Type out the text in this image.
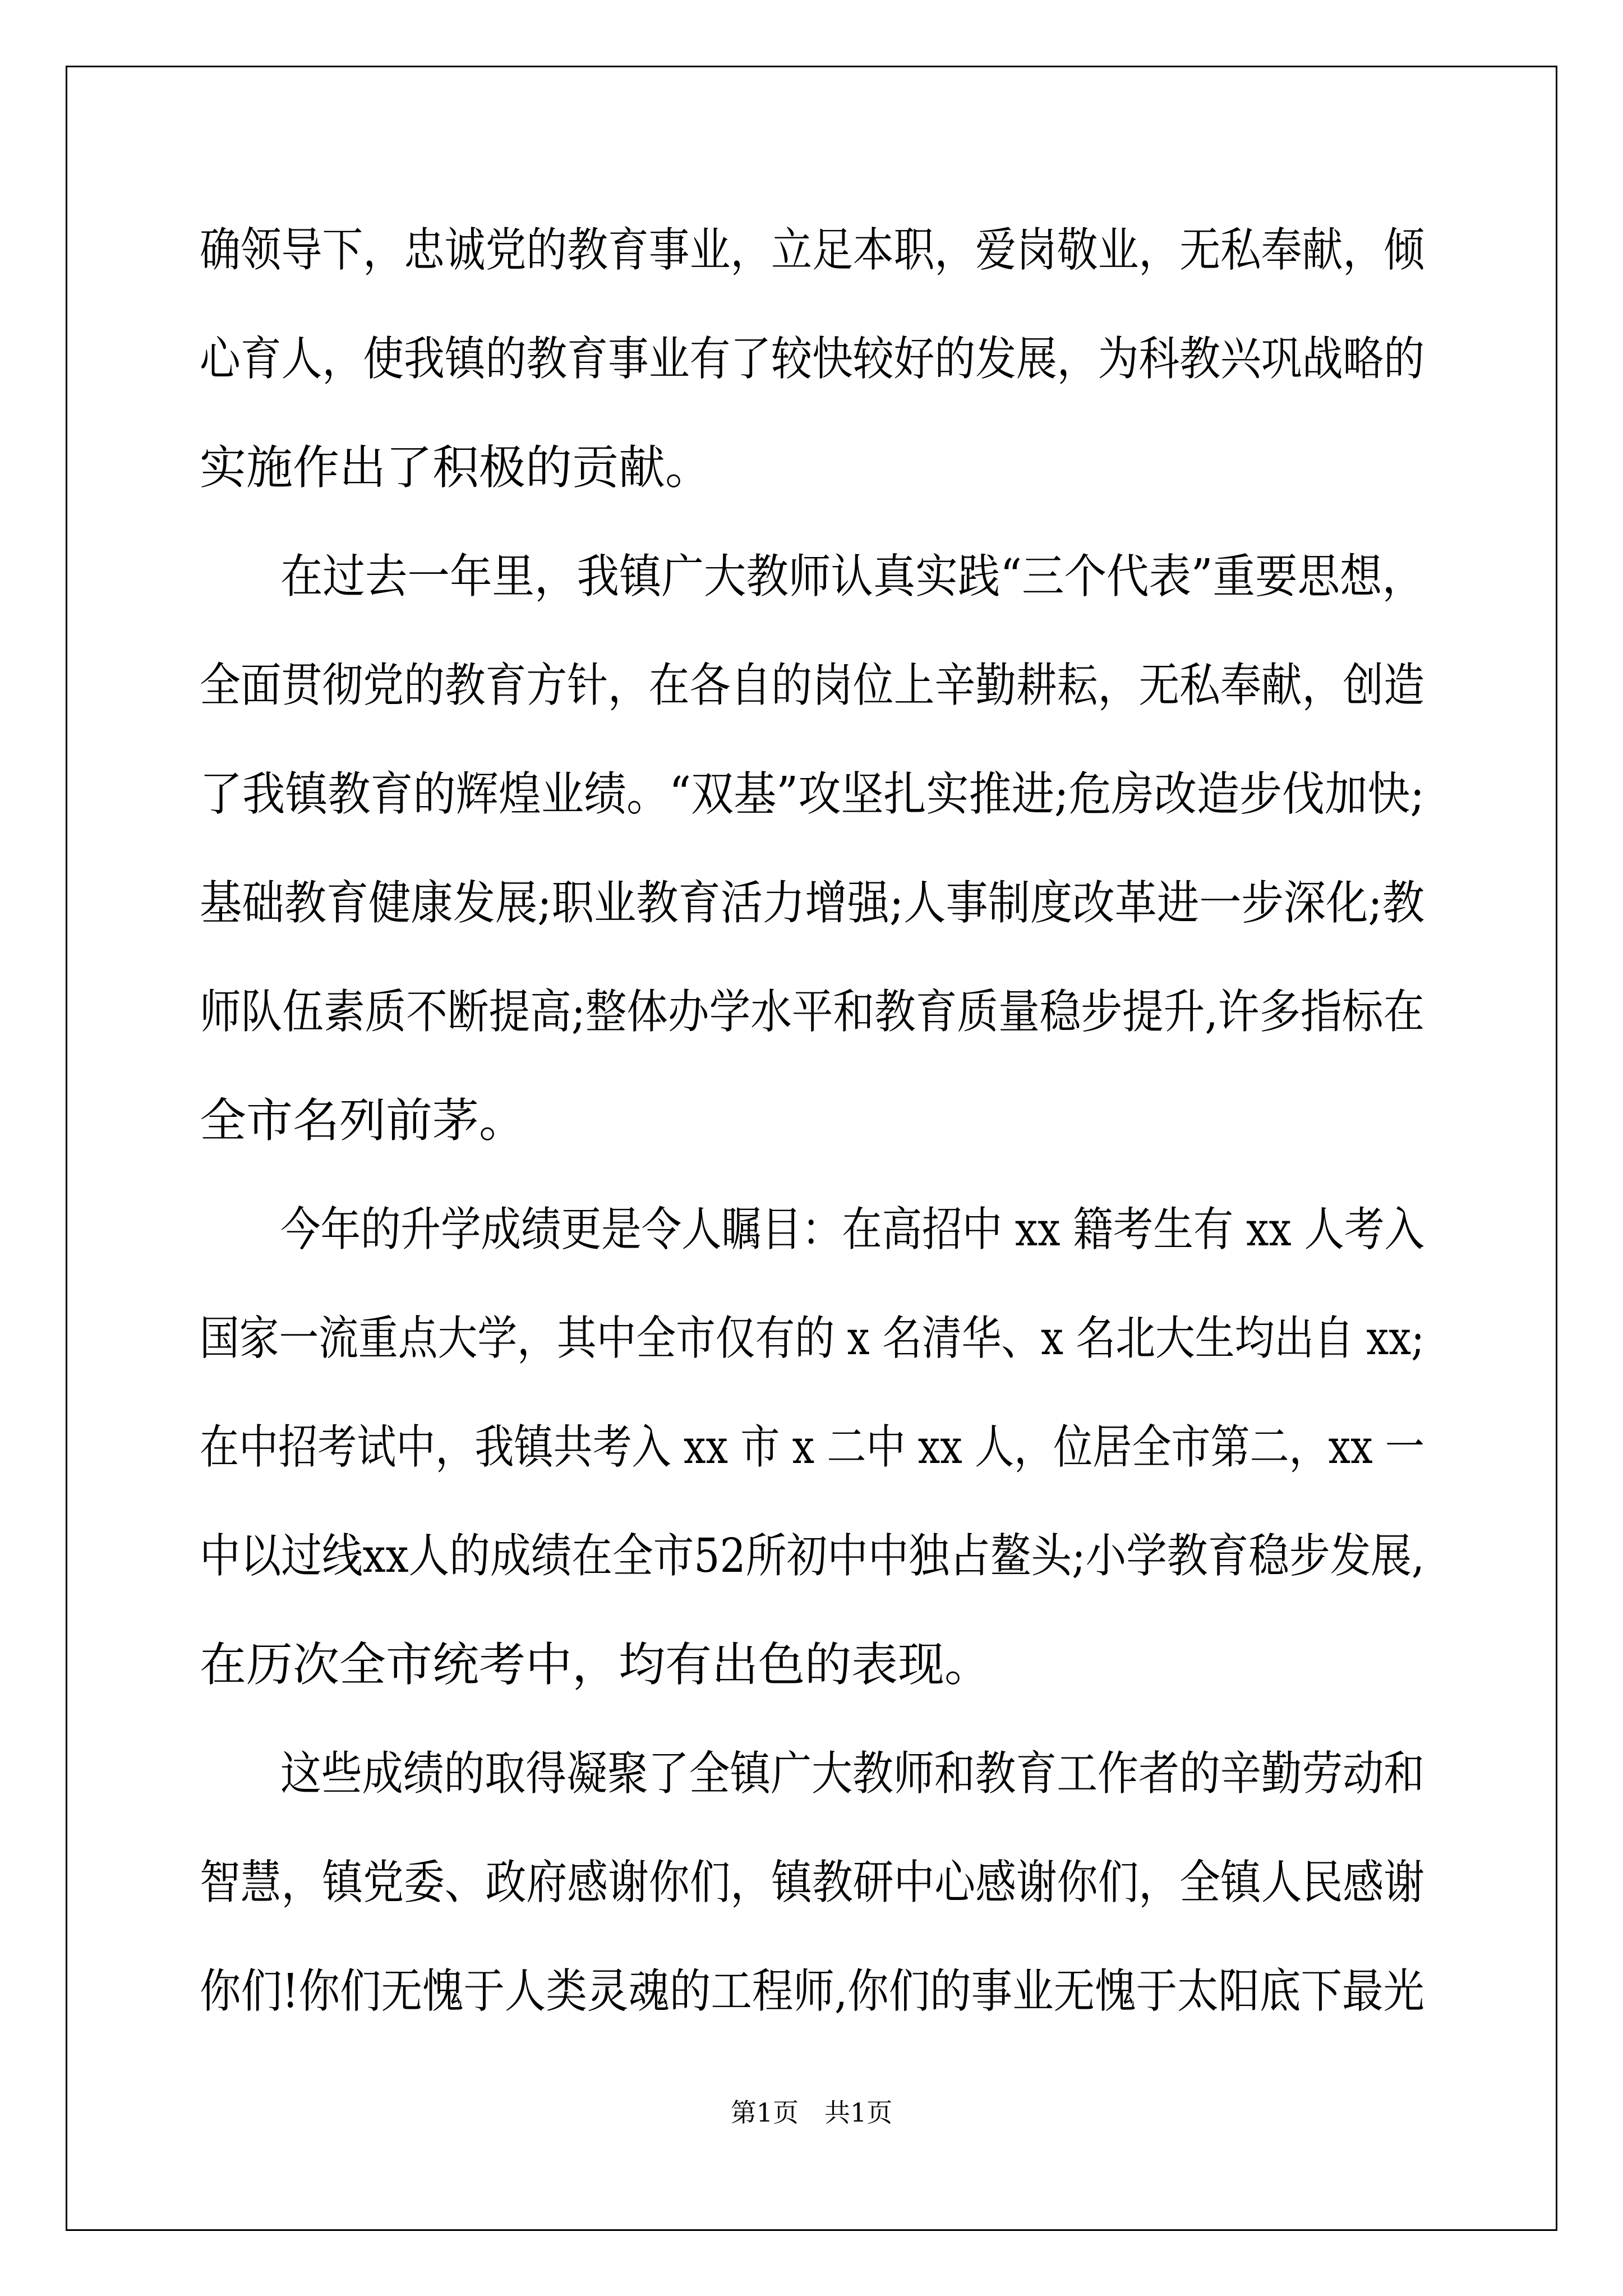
确领导下，忠诚党的教育事业，立足本职，爱岗敬业，无私奉献，倾
心育人，使我镇的教育事业有了较快较好的发展，为科教兴巩战略的
实施作出了积极的贡献。
在过去一年里，我镇广大教师认真实践“三个代表”重要思想，
全面贯彻党的教育方针，在各自的岗位上辛勤耕耘，无私奉献，创造
了我镇教育的辉煌业绩。“双基”攻坚扎实推进;危房改造步伐加快;
基础教育健康发展;职业教育活力增强;人事制度改革进一步深化;教
师队伍素质不断提高;整体办学水平和教育质量稳步提升,许多指标在
全市名列前茅。
今年的升学成绩更是令人瞩目：在高招中 xx 籍考生有 xx 人考入
国家一流重点大学，其中全市仅有的 x 名清华、x 名北大生均出自 xx;
在中招考试中，我镇共考入 xx 市 x 二中 xx 人，位居全市第二，xx 一
中以过线xx人的成绩在全市52所初中中独占鳌头;小学教育稳步发展,
在历次全市统考中，均有出色的表现。
这些成绩的取得凝聚了全镇广大教师和教育工作者的辛勤劳动和
智慧，镇党委、政府感谢你们，镇教研中心感谢你们，全镇人民感谢
你们!你们无愧于人类灵魂的工程师,你们的事业无愧于太阳底下最光
第1页　共1页
